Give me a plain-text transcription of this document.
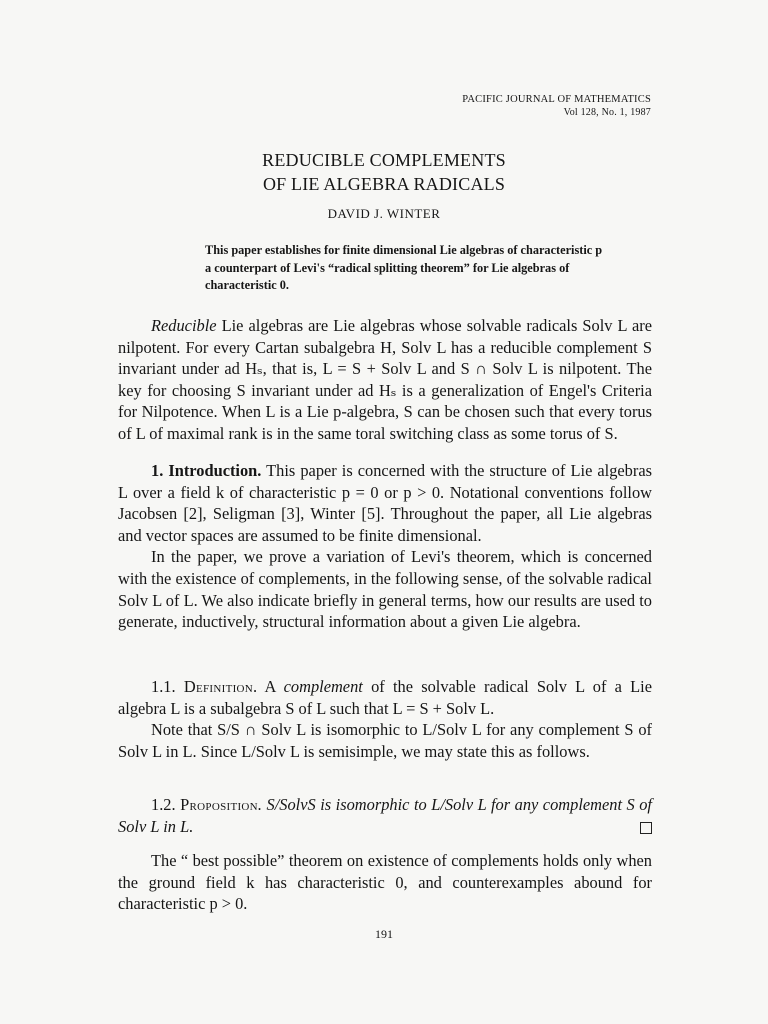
PACIFIC JOURNAL OF MATHEMATICS
Vol 128, No. 1, 1987
REDUCIBLE COMPLEMENTS
OF LIE ALGEBRA RADICALS
DAVID J. WINTER
This paper establishes for finite dimensional Lie algebras of characteristic p a counterpart of Levi's “radical splitting theorem” for Lie algebras of characteristic 0.

Reducible Lie algebras are Lie algebras whose solvable radicals Solv L are nilpotent. For every Cartan subalgebra H, Solv L has a reducible complement S invariant under ad Hₛ, that is, L = S + Solv L and S ∩ Solv L is nilpotent. The key for choosing S invariant under ad Hₛ is a generalization of Engel's Criteria for Nilpotence. When L is a Lie p-algebra, S can be chosen such that every torus of L of maximal rank is in the same toral switching class as some torus of S.

1. Introduction. This paper is concerned with the structure of Lie algebras L over a field k of characteristic p = 0 or p > 0. Notational conventions follow Jacobsen [2], Seligman [3], Winter [5]. Throughout the paper, all Lie algebras and vector spaces are assumed to be finite dimensional.

In the paper, we prove a variation of Levi's theorem, which is concerned with the existence of complements, in the following sense, of the solvable radical Solv L of L. We also indicate briefly in general terms, how our results are used to generate, inductively, structural information about a given Lie algebra.

1.1. Definition. A complement of the solvable radical Solv L of a Lie algebra L is a subalgebra S of L such that L = S + Solv L.

Note that S/S ∩ Solv L is isomorphic to L/Solv L for any complement S of Solv L in L. Since L/Solv L is semisimple, we may state this as follows.

1.2. Proposition. S/SolvS is isomorphic to L/Solv L for any complement S of Solv L in L.

The “ best possible” theorem on existence of complements holds only when the ground field k has characteristic 0, and counterexamples abound for characteristic p > 0.

191
